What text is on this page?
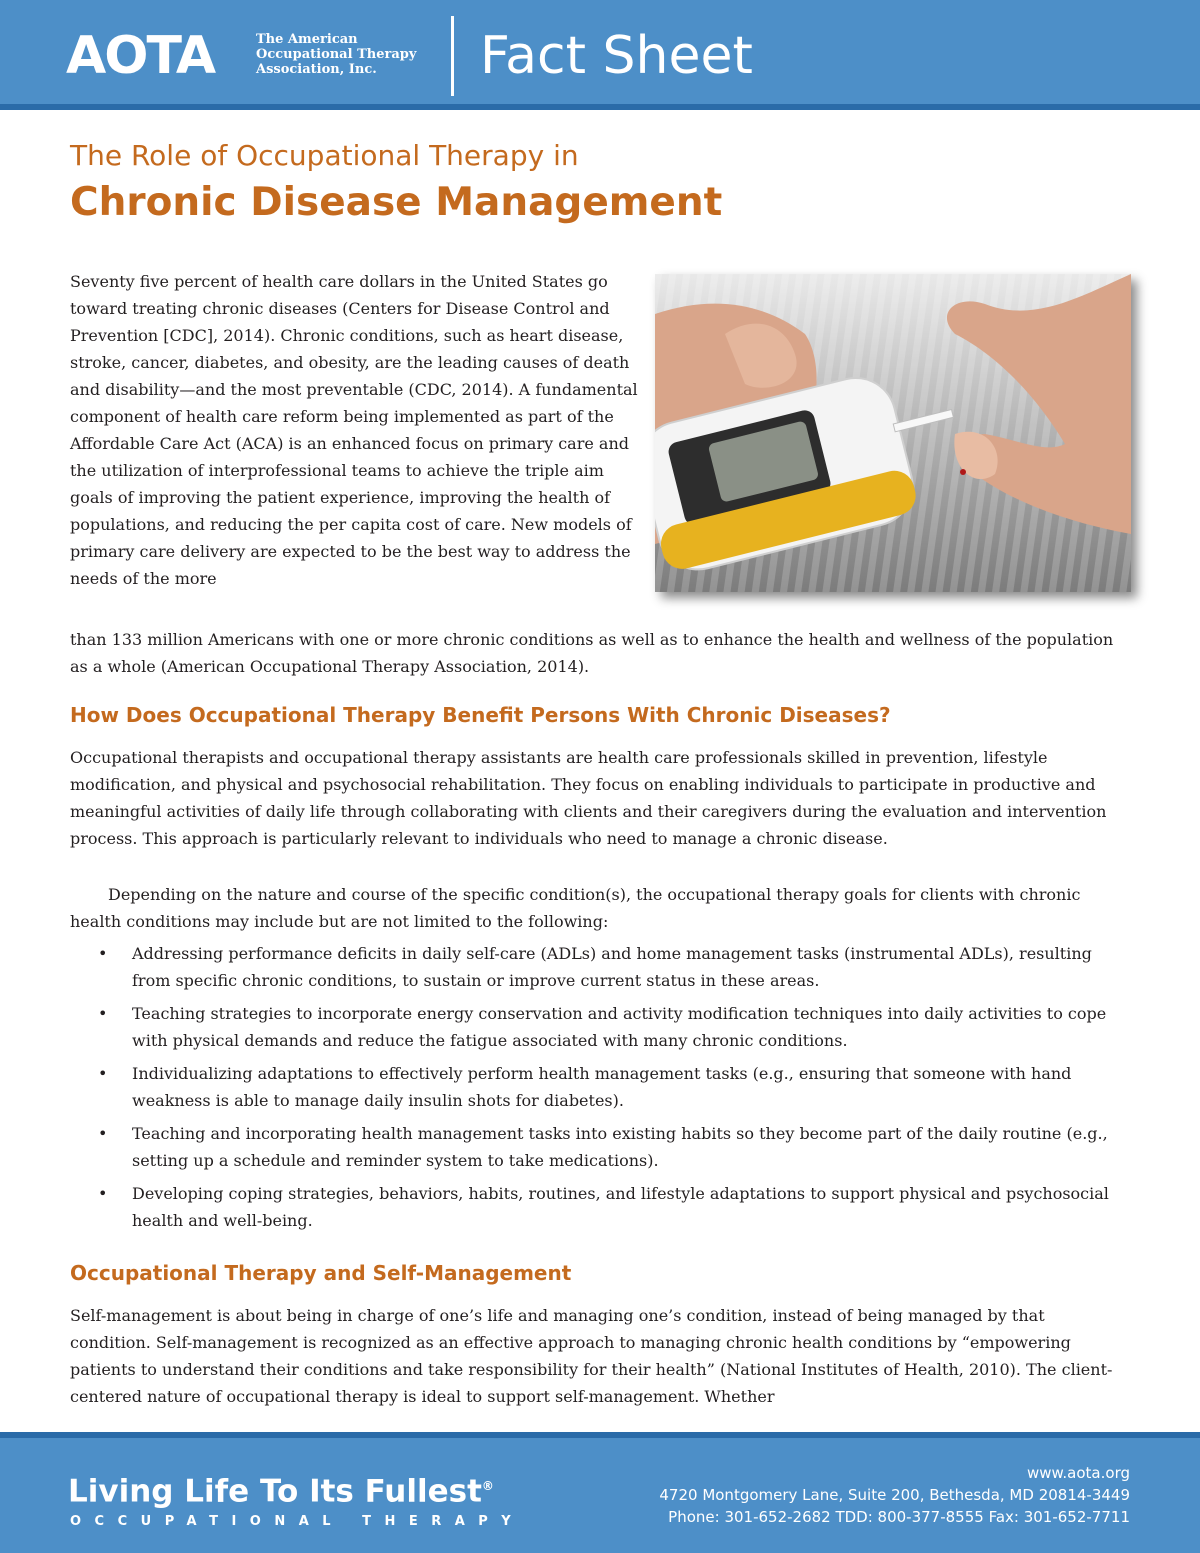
AOTA	The American
Occupational Therapy
Association, Inc.	Fact Sheet
The Role of Occupational Therapy in
Chronic Disease Management
Seventy five percent of health care dollars in the United States go toward treating chronic diseases (Centers for Disease Control and Prevention [CDC], 2014). Chronic conditions, such as heart disease, stroke, cancer, diabetes, and obesity, are the leading causes of death and disability—and the most preventable (CDC, 2014). A fundamental component of health care reform being implemented as part of the Affordable Care Act (ACA) is an enhanced focus on primary care and the utilization of interprofessional teams to achieve the triple aim goals of improving the patient experience, improving the health of populations, and reducing the per capita cost of care. New models of primary care delivery are expected to be the best way to address the needs of the more
than 133 million Americans with one or more chronic conditions as well as to enhance the health and wellness of the population as a whole (American Occupational Therapy Association, 2014).
How Does Occupational Therapy Benefit Persons With Chronic Diseases?
Occupational therapists and occupational therapy assistants are health care professionals skilled in prevention, lifestyle modification, and physical and psychosocial rehabilitation. They focus on enabling individuals to participate in productive and meaningful activities of daily life through collaborating with clients and their caregivers during the evaluation and intervention process. This approach is particularly relevant to individuals who need to manage a chronic disease.
Depending on the nature and course of the specific condition(s), the occupational therapy goals for clients with chronic health conditions may include but are not limited to the following:
• Addressing performance deficits in daily self-care (ADLs) and home management tasks (instrumental ADLs), resulting from specific chronic conditions, to sustain or improve current status in these areas.
• Teaching strategies to incorporate energy conservation and activity modification techniques into daily activities to cope with physical demands and reduce the fatigue associated with many chronic conditions.
• Individualizing adaptations to effectively perform health management tasks (e.g., ensuring that someone with hand weakness is able to manage daily insulin shots for diabetes).
• Teaching and incorporating health management tasks into existing habits so they become part of the daily routine (e.g., setting up a schedule and reminder system to take medications).
• Developing coping strategies, behaviors, habits, routines, and lifestyle adaptations to support physical and psychosocial health and well-being.
Occupational Therapy and Self-Management
Self-management is about being in charge of one’s life and managing one’s condition, instead of being managed by that condition. Self-management is recognized as an effective approach to managing chronic health conditions by “empowering patients to understand their conditions and take responsibility for their health” (National Institutes of Health, 2010). The client-centered nature of occupational therapy is ideal to support self-management. Whether
Living Life To Its Fullest®
OCCUPATIONAL THERAPY
www.aota.org
4720 Montgomery Lane, Suite 200, Bethesda, MD 20814-3449
Phone: 301-652-2682 TDD: 800-377-8555 Fax: 301-652-7711
